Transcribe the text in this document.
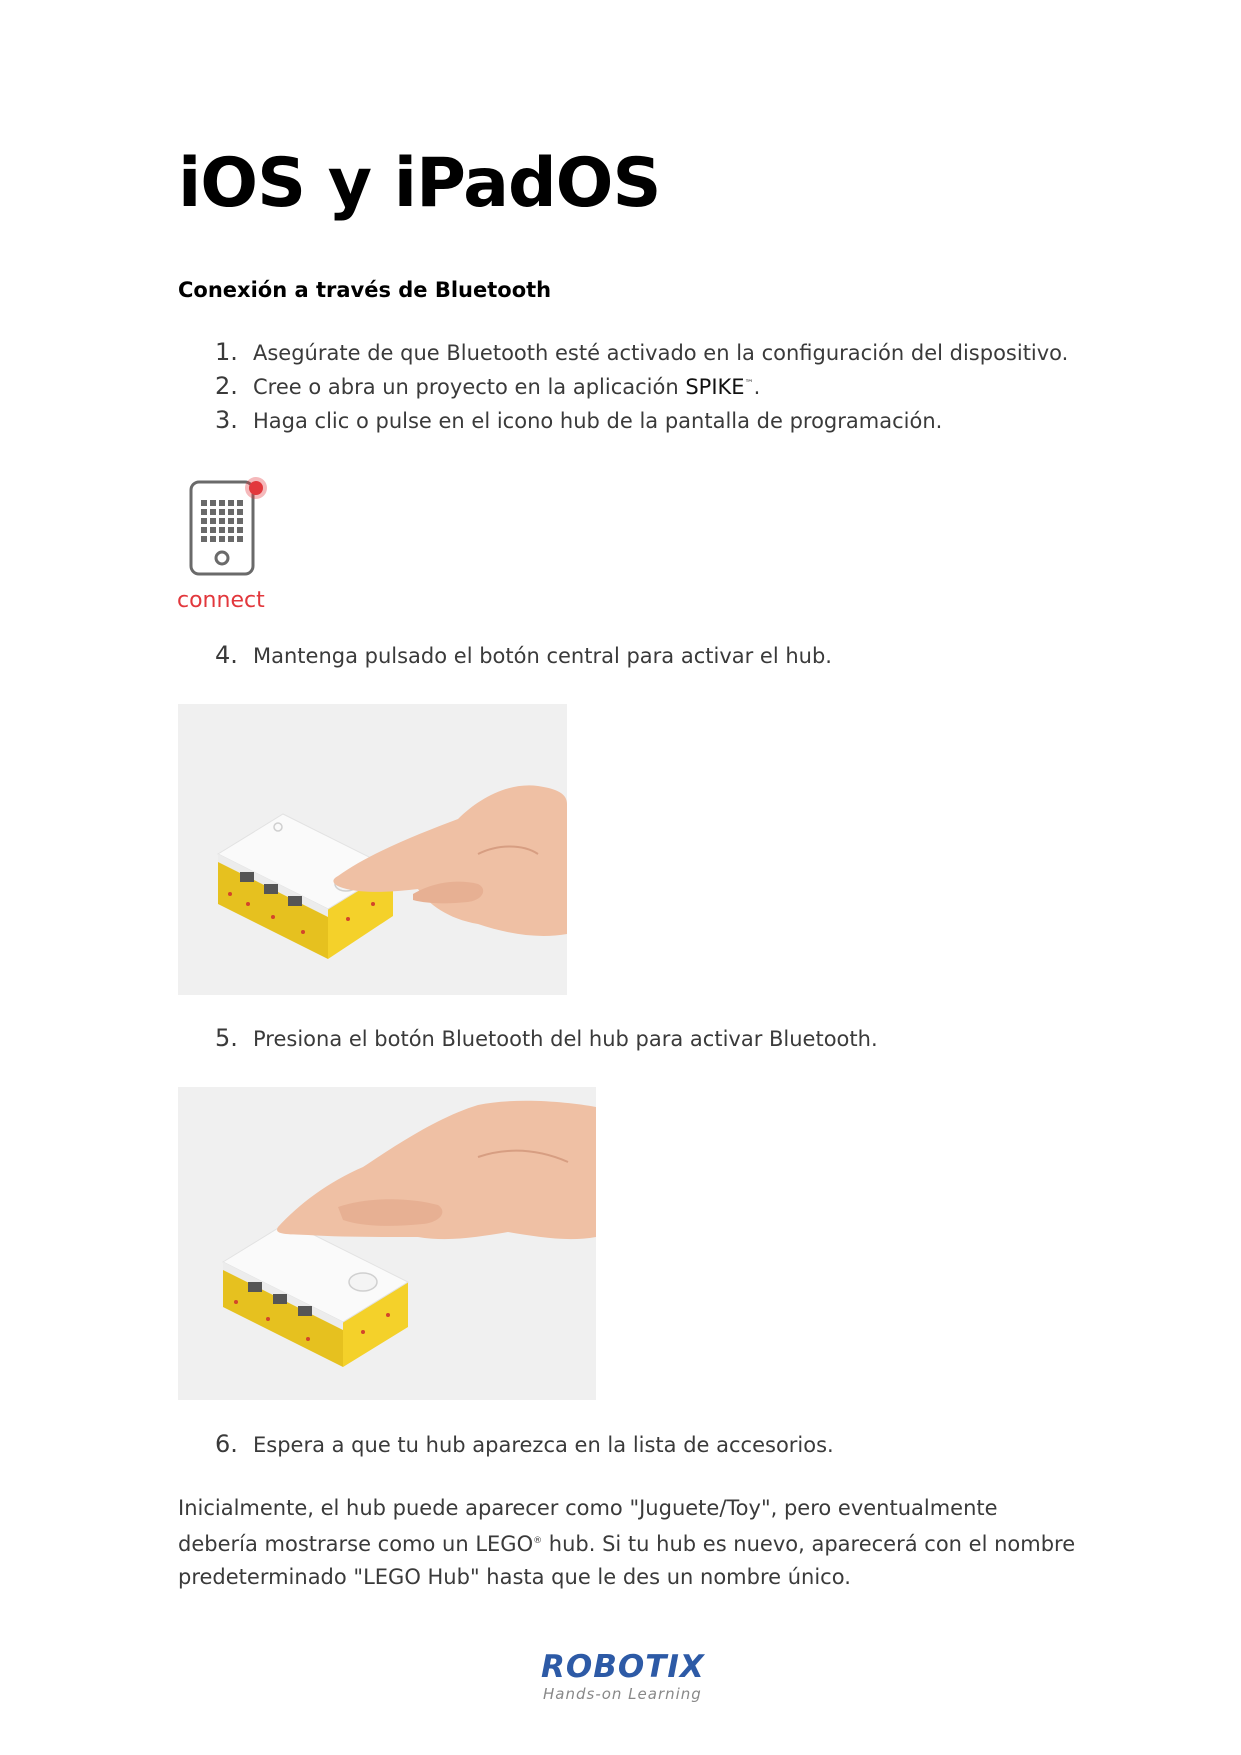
iOS y iPadOS
Conexión a través de Bluetooth
1. Asegúrate de que Bluetooth esté activado en la configuración del dispositivo.
2. Cree o abra un proyecto en la aplicación SPIKE™.
3. Haga clic o pulse en el icono hub de la pantalla de programación.

connect

4. Mantenga pulsado el botón central para activar el hub.
5. Presiona el botón Bluetooth del hub para activar Bluetooth.
6. Espera a que tu hub aparezca en la lista de accesorios.

Inicialmente, el hub puede aparecer como "Juguete/Toy", pero eventualmente debería mostrarse como un LEGO® hub. Si tu hub es nuevo, aparecerá con el nombre predeterminado "LEGO Hub" hasta que le des un nombre único.

ROBOTIX

Hands-on Learning
